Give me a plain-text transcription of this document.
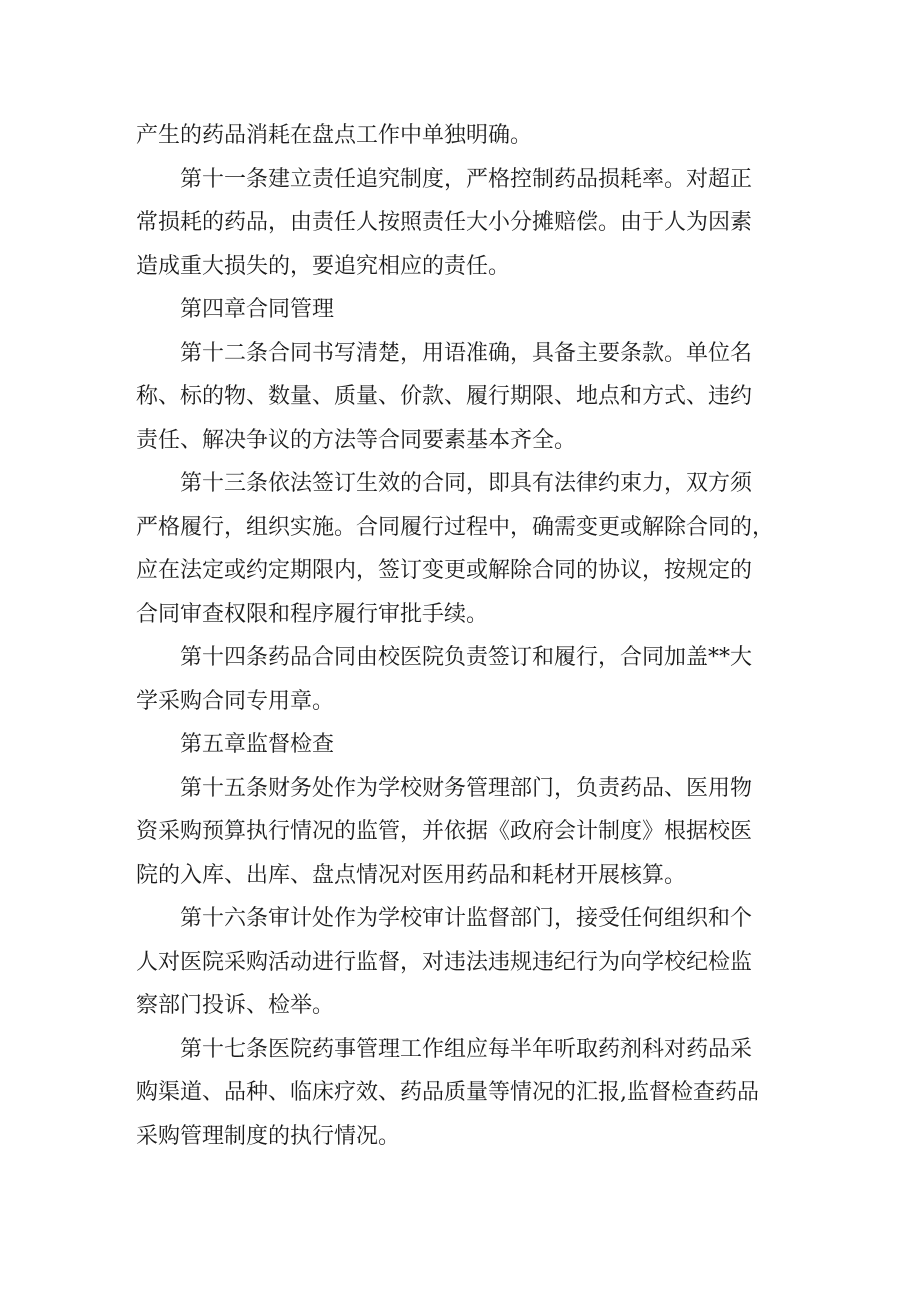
产生的药品消耗在盘点工作中单独明确。
第十一条建立责任追究制度，严格控制药品损耗率。对超正
常损耗的药品，由责任人按照责任大小分摊赔偿。由于人为因素
造成重大损失的，要追究相应的责任。
第四章合同管理
第十二条合同书写清楚，用语准确，具备主要条款。单位名
称、标的物、数量、质量、价款、履行期限、地点和方式、违约
责任、解决争议的方法等合同要素基本齐全。
第十三条依法签订生效的合同，即具有法律约束力，双方须
严格履行，组织实施。合同履行过程中，确需变更或解除合同的，
应在法定或约定期限内，签订变更或解除合同的协议，按规定的
合同审查权限和程序履行审批手续。
第十四条药品合同由校医院负责签订和履行，合同加盖**大
学采购合同专用章。
第五章监督检查
第十五条财务处作为学校财务管理部门，负责药品、医用物
资采购预算执行情况的监管，并依据《政府会计制度》根据校医
院的入库、出库、盘点情况对医用药品和耗材开展核算。
第十六条审计处作为学校审计监督部门，接受任何组织和个
人对医院采购活动进行监督，对违法违规违纪行为向学校纪检监
察部门投诉、检举。
第十七条医院药事管理工作组应每半年听取药剂科对药品采
购渠道、品种、临床疗效、药品质量等情况的汇报,监督检查药品
采购管理制度的执行情况。
